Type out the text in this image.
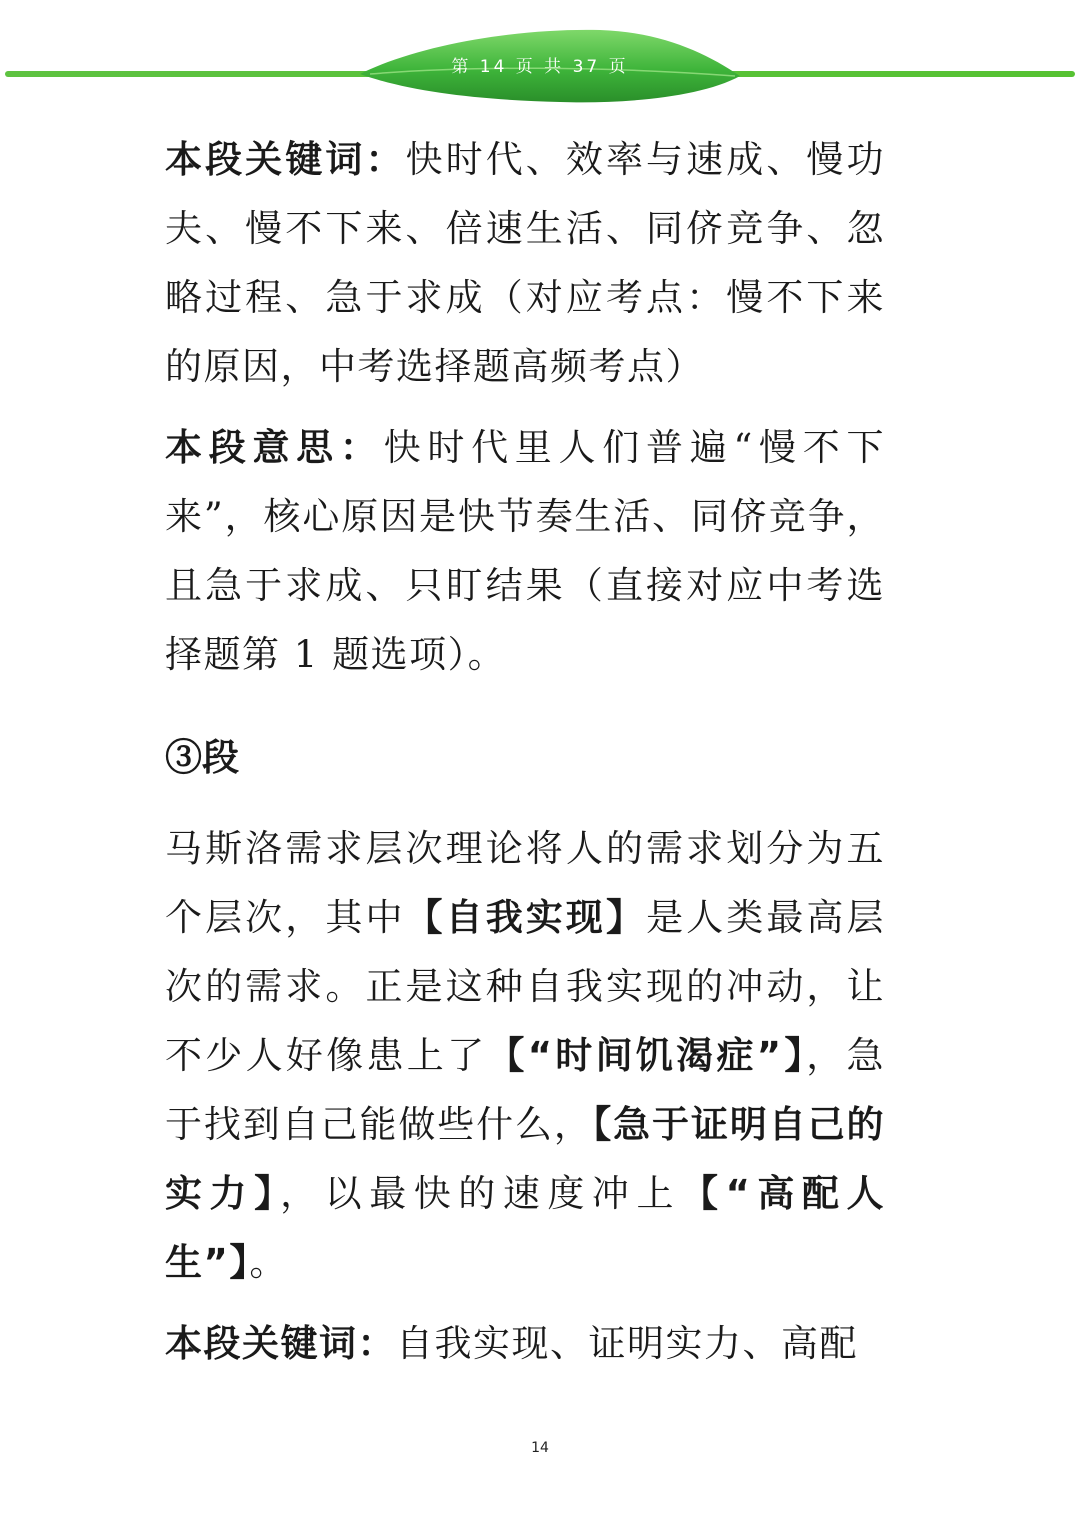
第 14 页 共 37 页

本段关键词：快时代、效率与速成、慢功夫、慢不下来、倍速生活、同侪竞争、忽略过程、急于求成（对应考点：慢不下来的原因，中考选择题高频考点）

本段意思：快时代里人们普遍“慢不下来”，核心原因是快节奏生活、同侪竞争，且急于求成、只盯结果（直接对应中考选择题第 1 题选项）。

③段

马斯洛需求层次理论将人的需求划分为五个层次，其中【自我实现】是人类最高层次的需求。正是这种自我实现的冲动，让不少人好像患上了【“时间饥渴症”】，急于找到自己能做些什么，【急于证明自己的实力】，以最快的速度冲上【“高配人生”】。

本段关键词：自我实现、证明实力、高配

14
